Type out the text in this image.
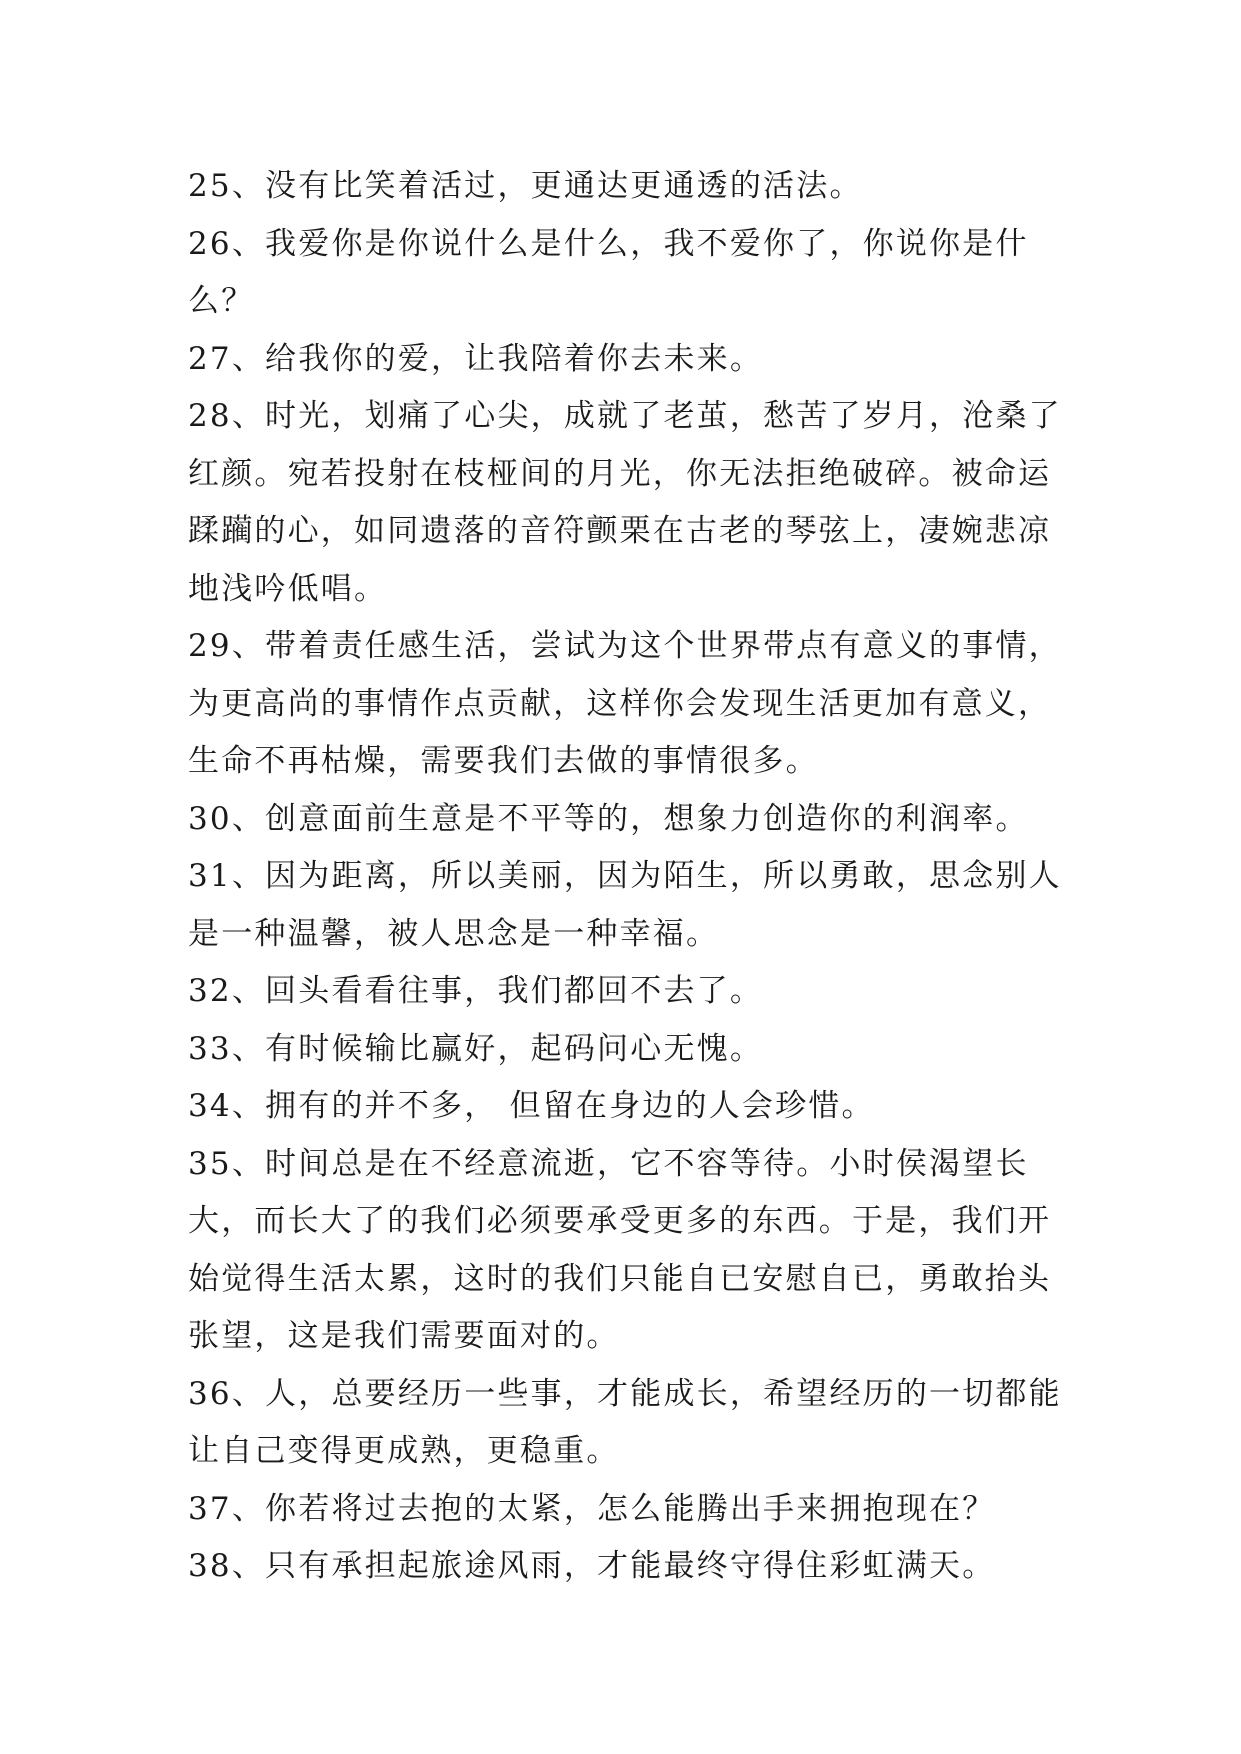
25、没有比笑着活过，更通达更通透的活法。

26、我爱你是你说什么是什么，我不爱你了，你说你是什么？

27、给我你的爱，让我陪着你去未来。

28、时光，划痛了心尖，成就了老茧，愁苦了岁月，沧桑了红颜。宛若投射在枝桠间的月光，你无法拒绝破碎。被命运蹂躏的心，如同遗落的音符颤栗在古老的琴弦上，凄婉悲凉地浅吟低唱。

29、带着责任感生活，尝试为这个世界带点有意义的事情，为更高尚的事情作点贡献，这样你会发现生活更加有意义，生命不再枯燥，需要我们去做的事情很多。

30、创意面前生意是不平等的，想象力创造你的利润率。

31、因为距离，所以美丽，因为陌生，所以勇敢，思念别人是一种温馨，被人思念是一种幸福。

32、回头看看往事，我们都回不去了。

33、有时候输比赢好，起码问心无愧。

34、拥有的并不多， 但留在身边的人会珍惜。

35、时间总是在不经意流逝，它不容等待。小时侯渴望长大，而长大了的我们必须要承受更多的东西。于是，我们开始觉得生活太累，这时的我们只能自已安慰自已，勇敢抬头张望，这是我们需要面对的。

36、人，总要经历一些事，才能成长，希望经历的一切都能让自己变得更成熟，更稳重。

37、你若将过去抱的太紧，怎么能腾出手来拥抱现在？

38、只有承担起旅途风雨，才能最终守得住彩虹满天。
